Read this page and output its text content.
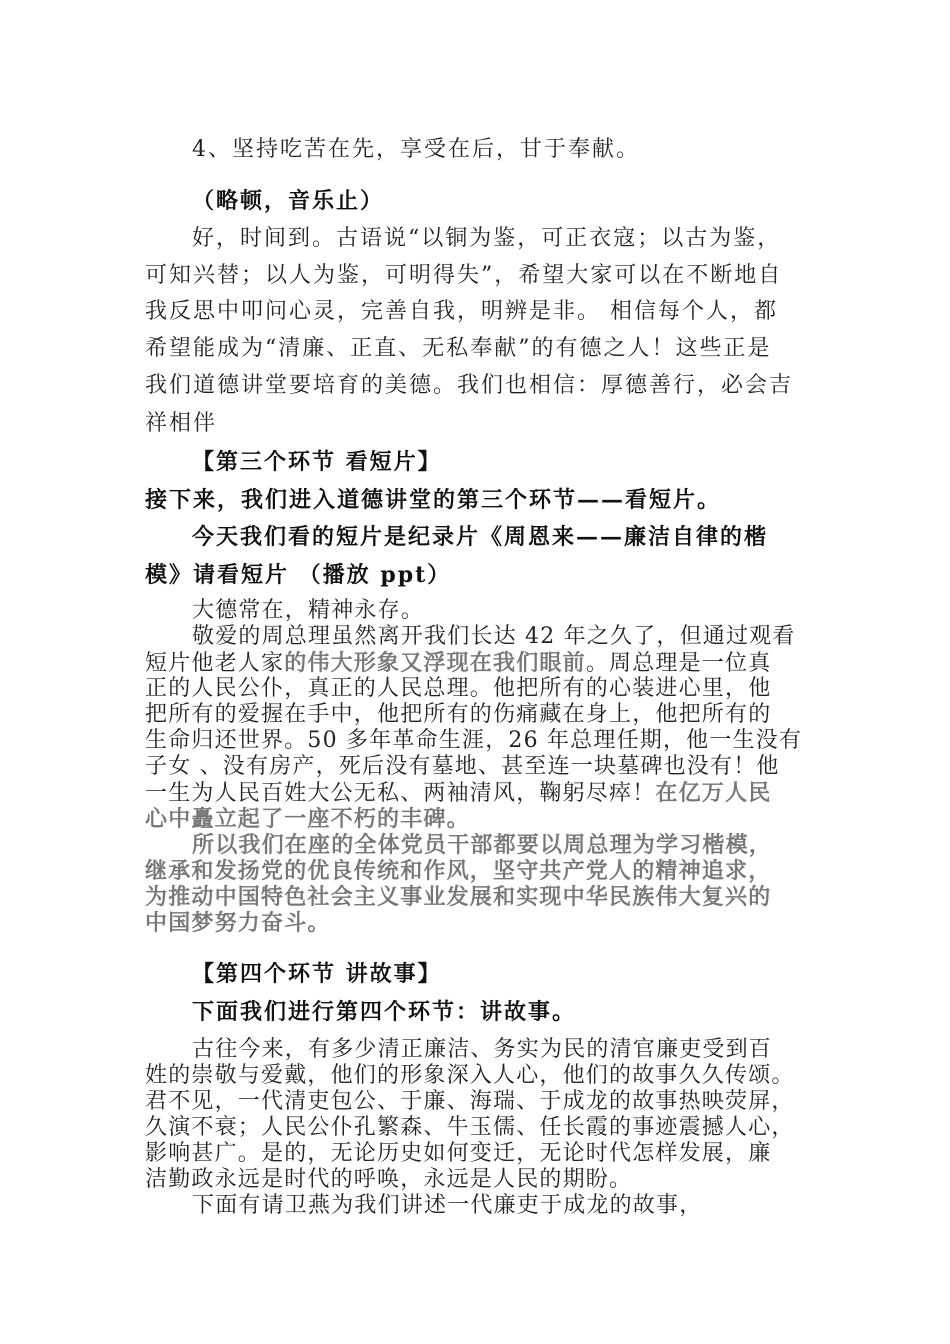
4、坚持吃苦在先，享受在后，甘于奉献。
（略顿，音乐止）
好，时间到。古语说“以铜为鉴，可正衣寇；以古为鉴，
可知兴替；以人为鉴，可明得失”，希望大家可以在不断地自
我反思中叩问心灵，完善自我，明辨是非。 相信每个人，都
希望能成为“清廉、正直、无私奉献”的有德之人！这些正是
我们道德讲堂要培育的美德。我们也相信：厚德善行，必会吉
祥相伴
【第三个环节 看短片】
接下来，我们进入道德讲堂的第三个环节——看短片。
今天我们看的短片是纪录片《周恩来——廉洁自律的楷
模》请看短片 （播放 ppt）
大德常在，精神永存。
敬爱的周总理虽然离开我们长达 42 年之久了，但通过观看
短片他老人家的伟大形象又浮现在我们眼前。周总理是一位真
正的人民公仆，真正的人民总理。他把所有的心装进心里，他
把所有的爱握在手中，他把所有的伤痛藏在身上，他把所有的
生命归还世界。50 多年革命生涯，26 年总理任期，他一生没有
子女 、没有房产，死后没有墓地、甚至连一块墓碑也没有！他
一生为人民百姓大公无私、两袖清风，鞠躬尽瘁！在亿万人民
心中矗立起了一座不朽的丰碑。
所以我们在座的全体党员干部都要以周总理为学习楷模，
继承和发扬党的优良传统和作风，坚守共产党人的精神追求，
为推动中国特色社会主义事业发展和实现中华民族伟大复兴的
中国梦努力奋斗。
【第四个环节 讲故事】
下面我们进行第四个环节：讲故事。
古往今来，有多少清正廉洁、务实为民的清官廉吏受到百
姓的崇敬与爱戴，他们的形象深入人心，他们的故事久久传颂。
君不见，一代清吏包公、于廉、海瑞、于成龙的故事热映荧屏，
久演不衰；人民公仆孔繁森、牛玉儒、任长霞的事迹震撼人心，
影响甚广。是的，无论历史如何变迁，无论时代怎样发展，廉
洁勤政永远是时代的呼唤，永远是人民的期盼。
下面有请卫燕为我们讲述一代廉吏于成龙的故事，
